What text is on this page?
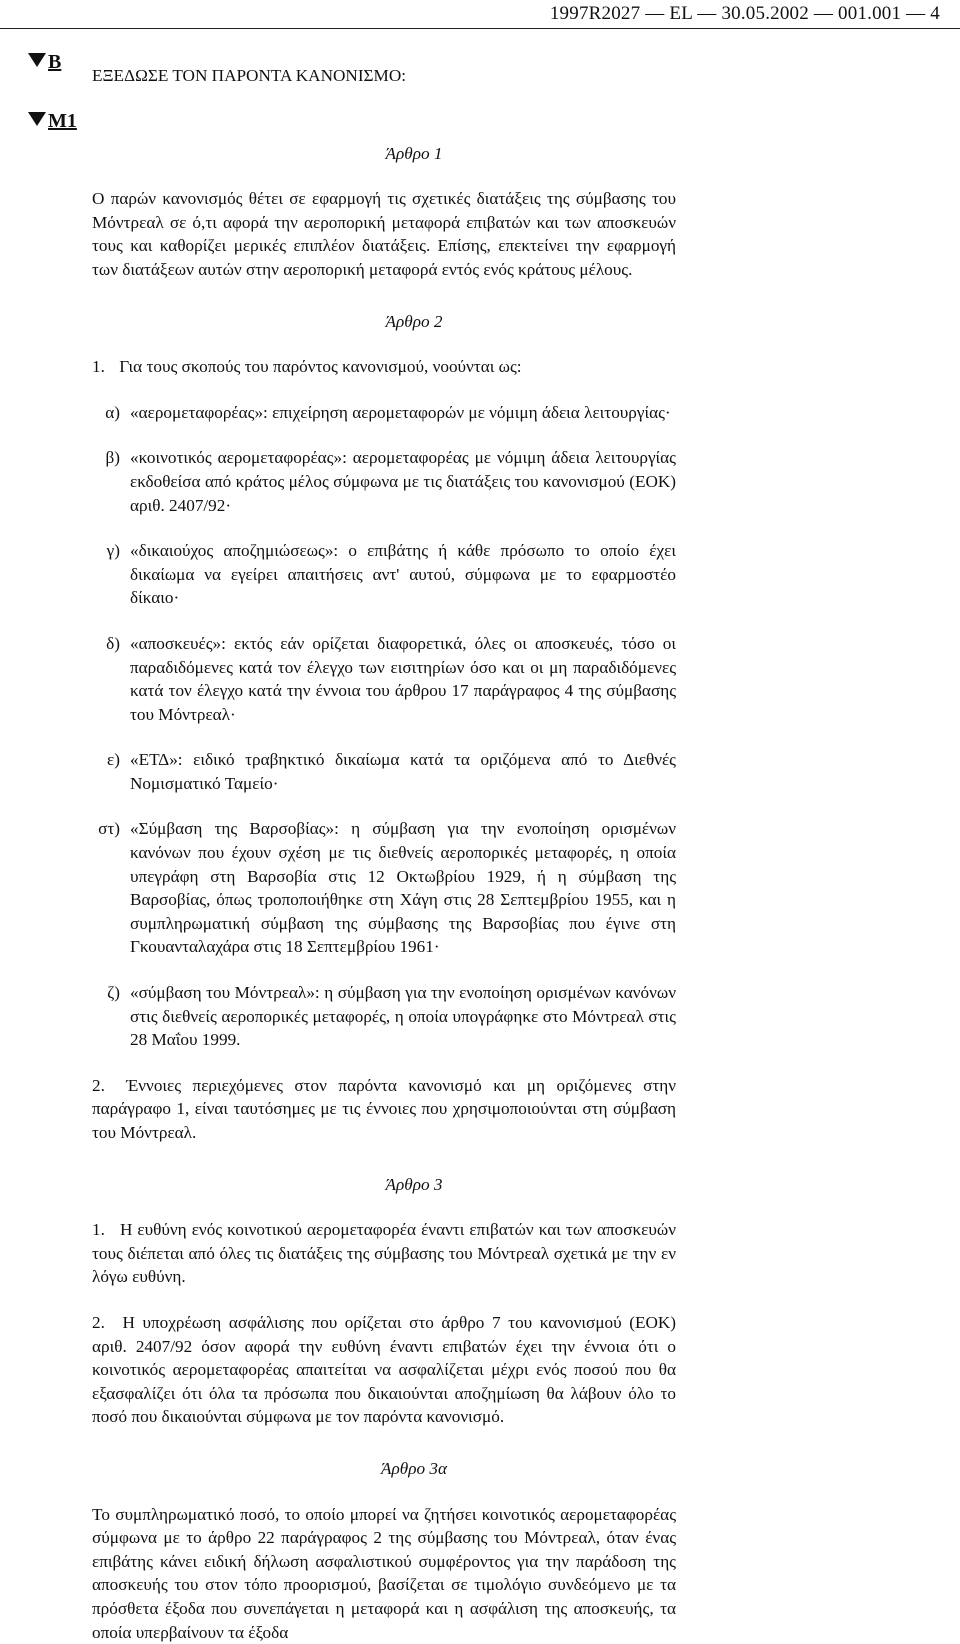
1997R2027 — EL — 30.05.2002 — 001.001 — 4
B
M1

ΕΞΕΔΩΣΕ ΤΟΝ ΠΑΡΟΝΤΑ ΚΑΝΟΝΙΣΜΟ:

Άρθρο 1

Ο παρών κανονισμός θέτει σε εφαρμογή τις σχετικές διατάξεις της σύμβασης του Μόντρεαλ σε ό,τι αφορά την αεροπορική μεταφορά επιβατών και των αποσκευών τους και καθορίζει μερικές επιπλέον διατάξεις. Επίσης, επεκτείνει την εφαρμογή των διατάξεων αυτών στην αεροπορική μεταφορά εντός ενός κράτους μέλους.

Άρθρο 2

1. Για τους σκοπούς του παρόντος κανονισμού, νοούνται ως:

α) «αερομεταφορέας»: επιχείρηση αερομεταφορών με νόμιμη άδεια λειτουργίας·
β) «κοινοτικός αερομεταφορέας»: αερομεταφορέας με νόμιμη άδεια λειτουργίας εκδοθείσα από κράτος μέλος σύμφωνα με τις διατάξεις του κανονισμού (ΕΟΚ) αριθ. 2407/92·
γ) «δικαιούχος αποζημιώσεως»: ο επιβάτης ή κάθε πρόσωπο το οποίο έχει δικαίωμα να εγείρει απαιτήσεις αντ' αυτού, σύμφωνα με το εφαρμοστέο δίκαιο·
δ) «αποσκευές»: εκτός εάν ορίζεται διαφορετικά, όλες οι αποσκευές, τόσο οι παραδιδόμενες κατά τον έλεγχο των εισιτηρίων όσο και οι μη παραδιδόμενες κατά τον έλεγχο κατά την έννοια του άρθρου 17 παράγραφος 4 της σύμβασης του Μόντρεαλ·
ε) «ΕΤΔ»: ειδικό τραβηκτικό δικαίωμα κατά τα οριζόμενα από το Διεθνές Νομισματικό Ταμείο·
στ) «Σύμβαση της Βαρσοβίας»: η σύμβαση για την ενοποίηση ορισμένων κανόνων που έχουν σχέση με τις διεθνείς αεροπορικές μεταφορές, η οποία υπεγράφη στη Βαρσοβία στις 12 Οκτωβρίου 1929, ή η σύμβαση της Βαρσοβίας, όπως τροποποιήθηκε στη Χάγη στις 28 Σεπτεμβρίου 1955, και η συμπληρωματική σύμβαση της σύμβασης της Βαρσοβίας που έγινε στη Γκουανταλαχάρα στις 18 Σεπτεμβρίου 1961·
ζ) «σύμβαση του Μόντρεαλ»: η σύμβαση για την ενοποίηση ορισμένων κανόνων στις διεθνείς αεροπορικές μεταφορές, η οποία υπογράφηκε στο Μόντρεαλ στις 28 Μαΐου 1999.

2. Έννοιες περιεχόμενες στον παρόντα κανονισμό και μη οριζόμενες στην παράγραφο 1, είναι ταυτόσημες με τις έννοιες που χρησιμοποιούνται στη σύμβαση του Μόντρεαλ.

Άρθρο 3

1. Η ευθύνη ενός κοινοτικού αερομεταφορέα έναντι επιβατών και των αποσκευών τους διέπεται από όλες τις διατάξεις της σύμβασης του Μόντρεαλ σχετικά με την εν λόγω ευθύνη.

2. Η υποχρέωση ασφάλισης που ορίζεται στο άρθρο 7 του κανονισμού (ΕΟΚ) αριθ. 2407/92 όσον αφορά την ευθύνη έναντι επιβατών έχει την έννοια ότι ο κοινοτικός αερομεταφορέας απαιτείται να ασφαλίζεται μέχρι ενός ποσού που θα εξασφαλίζει ότι όλα τα πρόσωπα που δικαιούνται αποζημίωση θα λάβουν όλο το ποσό που δικαιούνται σύμφωνα με τον παρόντα κανονισμό.

Άρθρο 3α

Το συμπληρωματικό ποσό, το οποίο μπορεί να ζητήσει κοινοτικός αερομεταφορέας σύμφωνα με το άρθρο 22 παράγραφος 2 της σύμβασης του Μόντρεαλ, όταν ένας επιβάτης κάνει ειδική δήλωση ασφαλιστικού συμφέροντος για την παράδοση της αποσκευής του στον τόπο προορισμού, βασίζεται σε τιμολόγιο συνδεόμενο με τα πρόσθετα έξοδα που συνεπάγεται η μεταφορά και η ασφάλιση της αποσκευής, τα οποία υπερβαίνουν τα έξοδα
